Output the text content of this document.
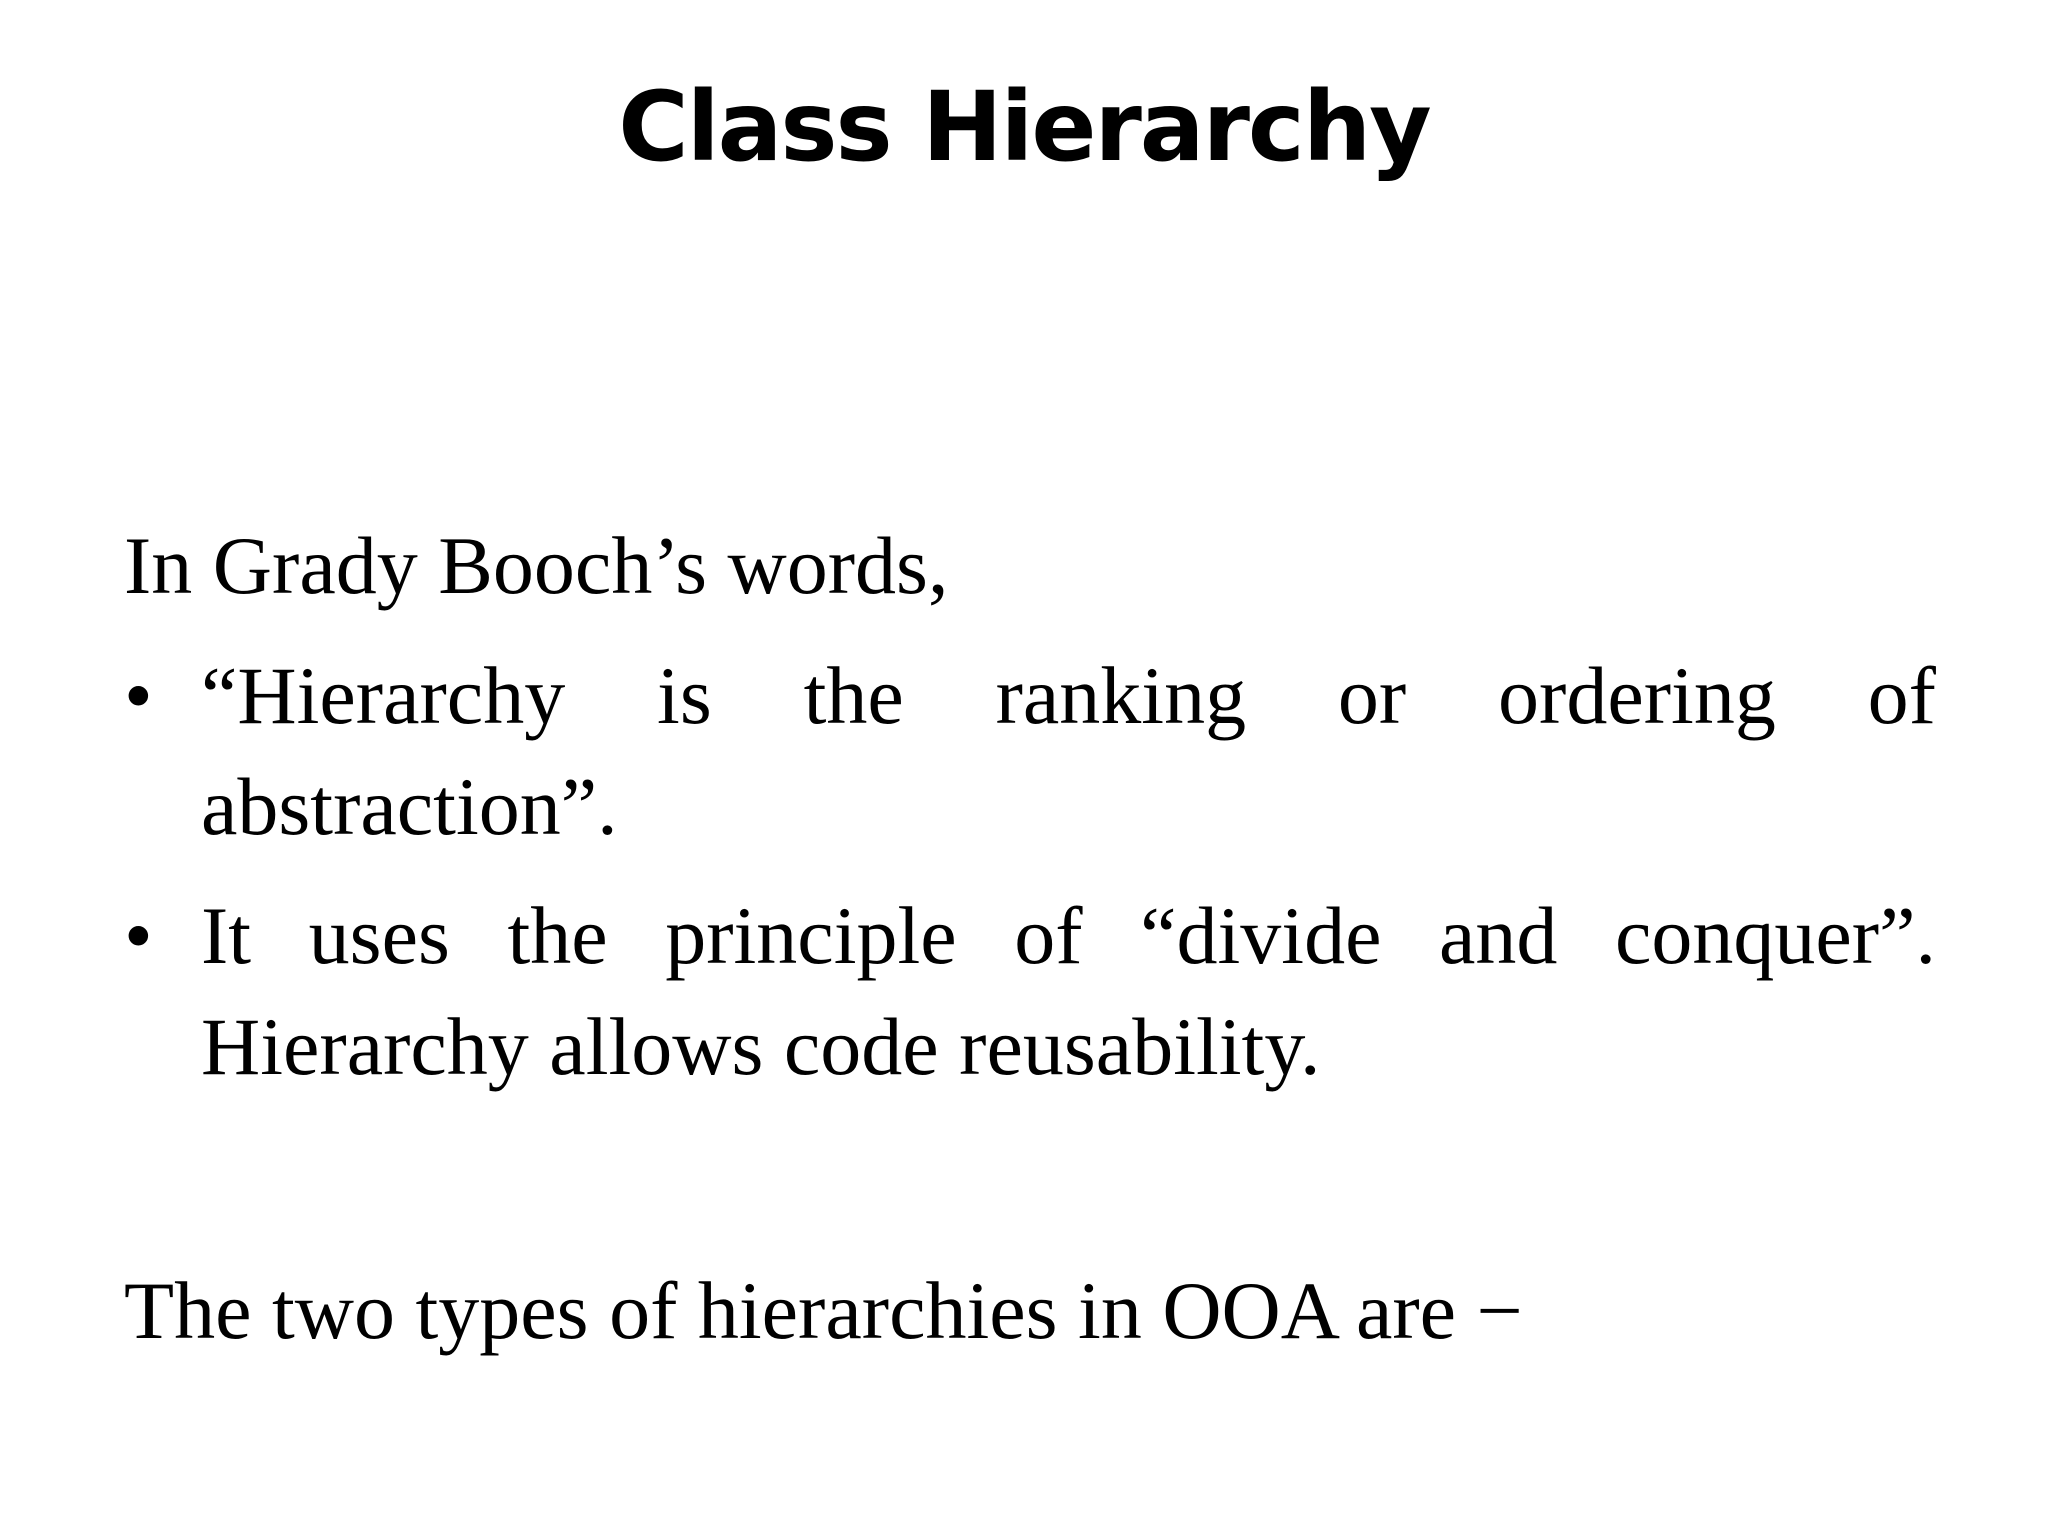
Class Hierarchy

In Grady Booch’s words,

• “Hierarchy is the ranking or ordering of abstraction”.
• It uses the principle of “divide and conquer”. Hierarchy allows code reusability.

The two types of hierarchies in OOA are −
